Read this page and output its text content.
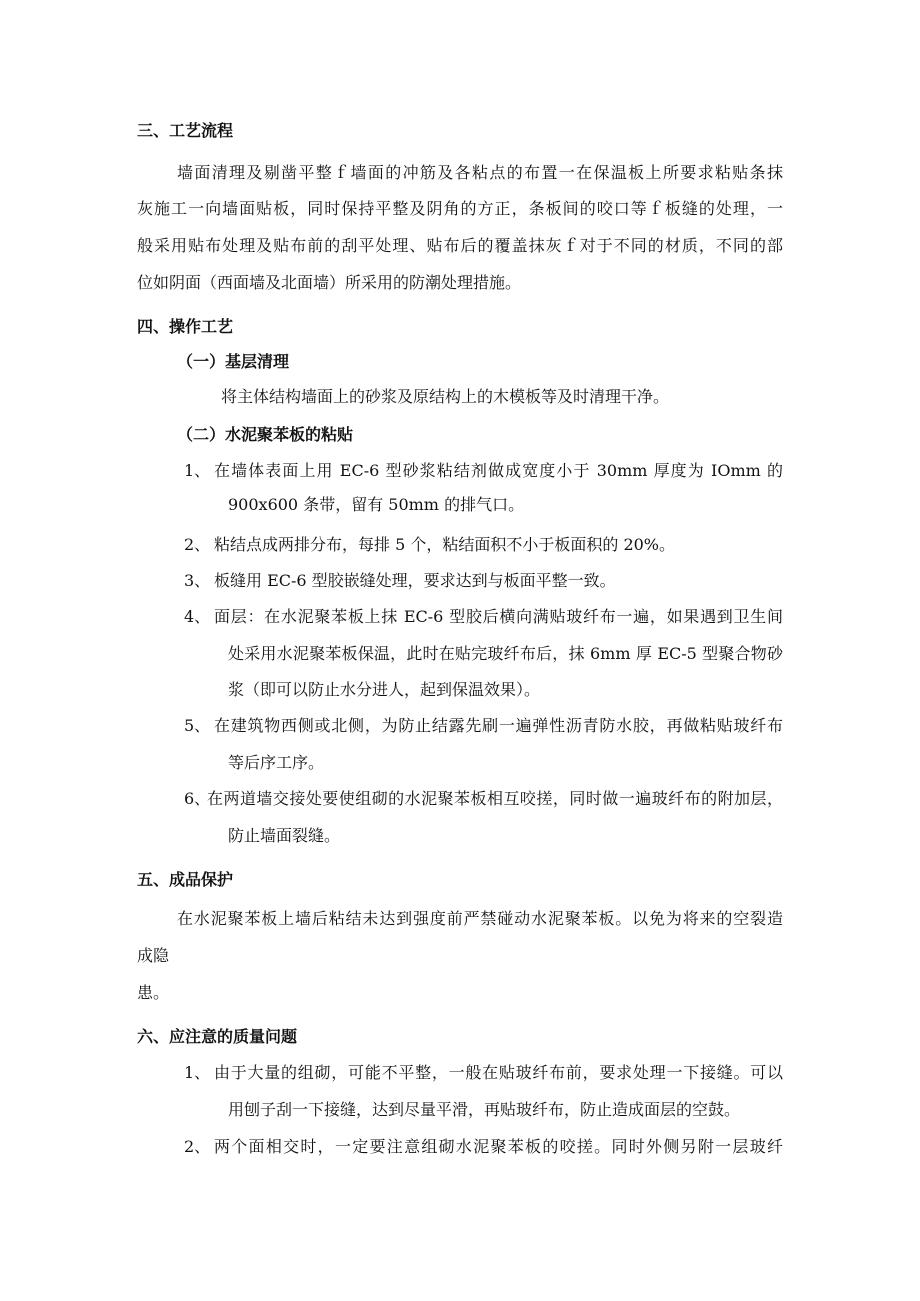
三、工艺流程
墙面清理及剔凿平整ｆ墙面的冲筋及各粘点的布置一在保温板上所要求粘贴条抹
灰施工一向墙面贴板，同时保持平整及阴角的方正，条板间的咬口等ｆ板缝的处理，一
般采用贴布处理及贴布前的刮平处理、贴布后的覆盖抹灰ｆ对于不同的材质，不同的部
位如阴面（西面墙及北面墙）所采用的防潮处理措施。
四、操作工艺
（一）基层清理
将主体结构墙面上的砂浆及原结构上的木模板等及时清理干净。
（二）水泥聚苯板的粘贴
1、 在墙体表面上用 EC-6 型砂浆粘结剂做成宽度小于 30mm 厚度为 IOmm 的
900x600 条带，留有 50mm 的排气口。
2、 粘结点成两排分布，每排 5 个，粘结面积不小于板面积的 20%。
3、 板缝用 EC-6 型胶嵌缝处理，要求达到与板面平整一致。
4、 面层：在水泥聚苯板上抹 EC-6 型胶后横向满贴玻纤布一遍，如果遇到卫生间
处采用水泥聚苯板保温，此时在贴完玻纤布后，抹 6mm 厚 EC-5 型聚合物砂
浆（即可以防止水分进人，起到保温效果）。
5、 在建筑物西侧或北侧，为防止结露先刷一遍弹性沥青防水胶，再做粘贴玻纤布
等后序工序。
6、
在两道墙交接处要使组砌的水泥聚苯板相互咬搓，同时做一遍玻纤布的附加层，
防止墙面裂缝。
五、成品保护
在水泥聚苯板上墙后粘结未达到强度前严禁碰动水泥聚苯板。以免为将来的空裂造
成隐
患。
六、应注意的质量问题
1、 由于大量的组砌，可能不平整，一般在贴玻纤布前，要求处理一下接缝。可以
用刨子刮一下接缝，达到尽量平滑，再贴玻纤布，防止造成面层的空鼓。
2、 两个面相交时，一定要注意组砌水泥聚苯板的咬搓。同时外侧另附一层玻纤
